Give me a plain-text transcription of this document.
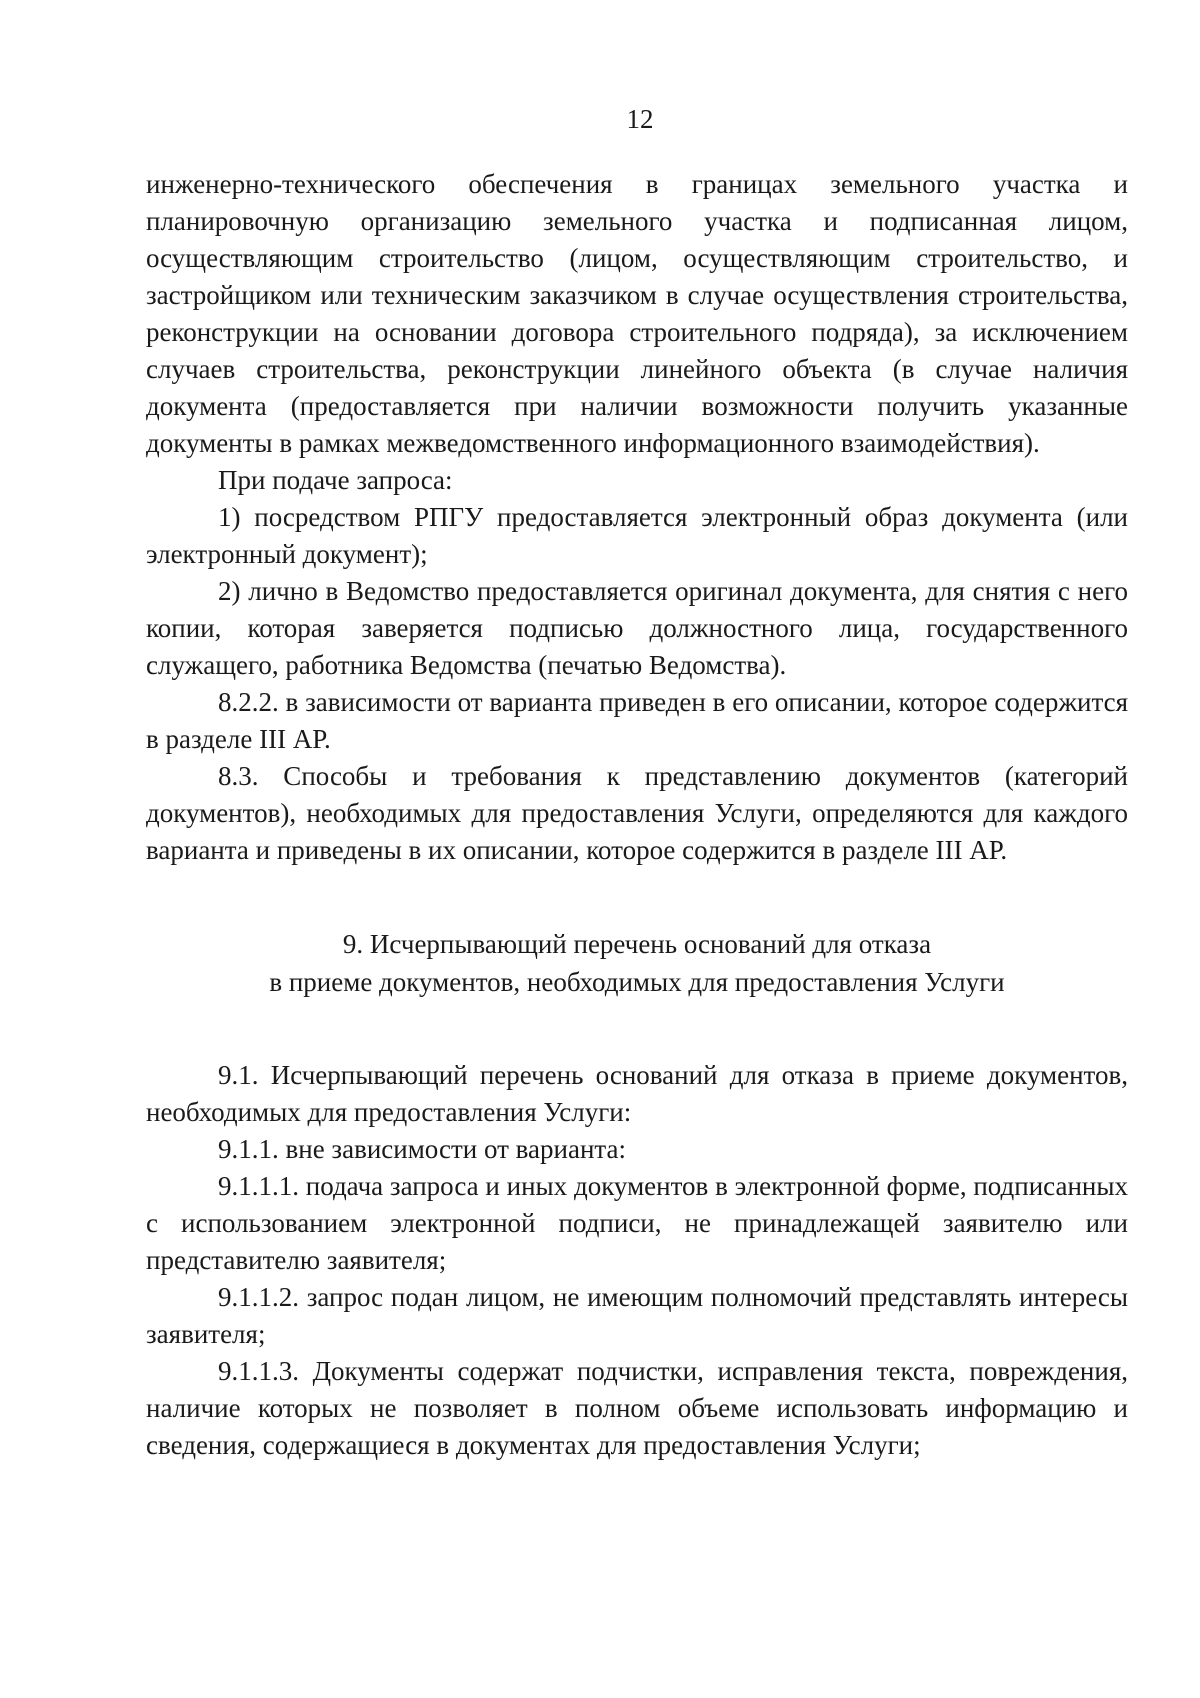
12

инженерно-технического обеспечения в границах земельного участка и планировочную организацию земельного участка и подписанная лицом, осуществляющим строительство (лицом, осуществляющим строительство, и застройщиком или техническим заказчиком в случае осуществления строительства, реконструкции на основании договора строительного подряда), за исключением случаев строительства, реконструкции линейного объекта (в случае наличия документа (предоставляется при наличии возможности получить указанные документы в рамках межведомственного информационного взаимодействия).

При подаче запроса:

1) посредством РПГУ предоставляется электронный образ документа (или электронный документ);

2) лично в Ведомство предоставляется оригинал документа, для снятия с него копии, которая заверяется подписью должностного лица, государственного служащего, работника Ведомства (печатью Ведомства).

8.2.2. в зависимости от варианта приведен в его описании, которое содержится в разделе III АР.

8.3. Способы и требования к представлению документов (категорий документов), необходимых для предоставления Услуги, определяются для каждого варианта и приведены в их описании, которое содержится в разделе III АР.

9. Исчерпывающий перечень оснований для отказа
в приеме документов, необходимых для предоставления Услуги

9.1. Исчерпывающий перечень оснований для отказа в приеме документов, необходимых для предоставления Услуги:

9.1.1. вне зависимости от варианта:

9.1.1.1. подача запроса и иных документов в электронной форме, подписанных с использованием электронной подписи, не принадлежащей заявителю или представителю заявителя;

9.1.1.2. запрос подан лицом, не имеющим полномочий представлять интересы заявителя;

9.1.1.3. Документы содержат подчистки, исправления текста, повреждения, наличие которых не позволяет в полном объеме использовать информацию и сведения, содержащиеся в документах для предоставления Услуги;
